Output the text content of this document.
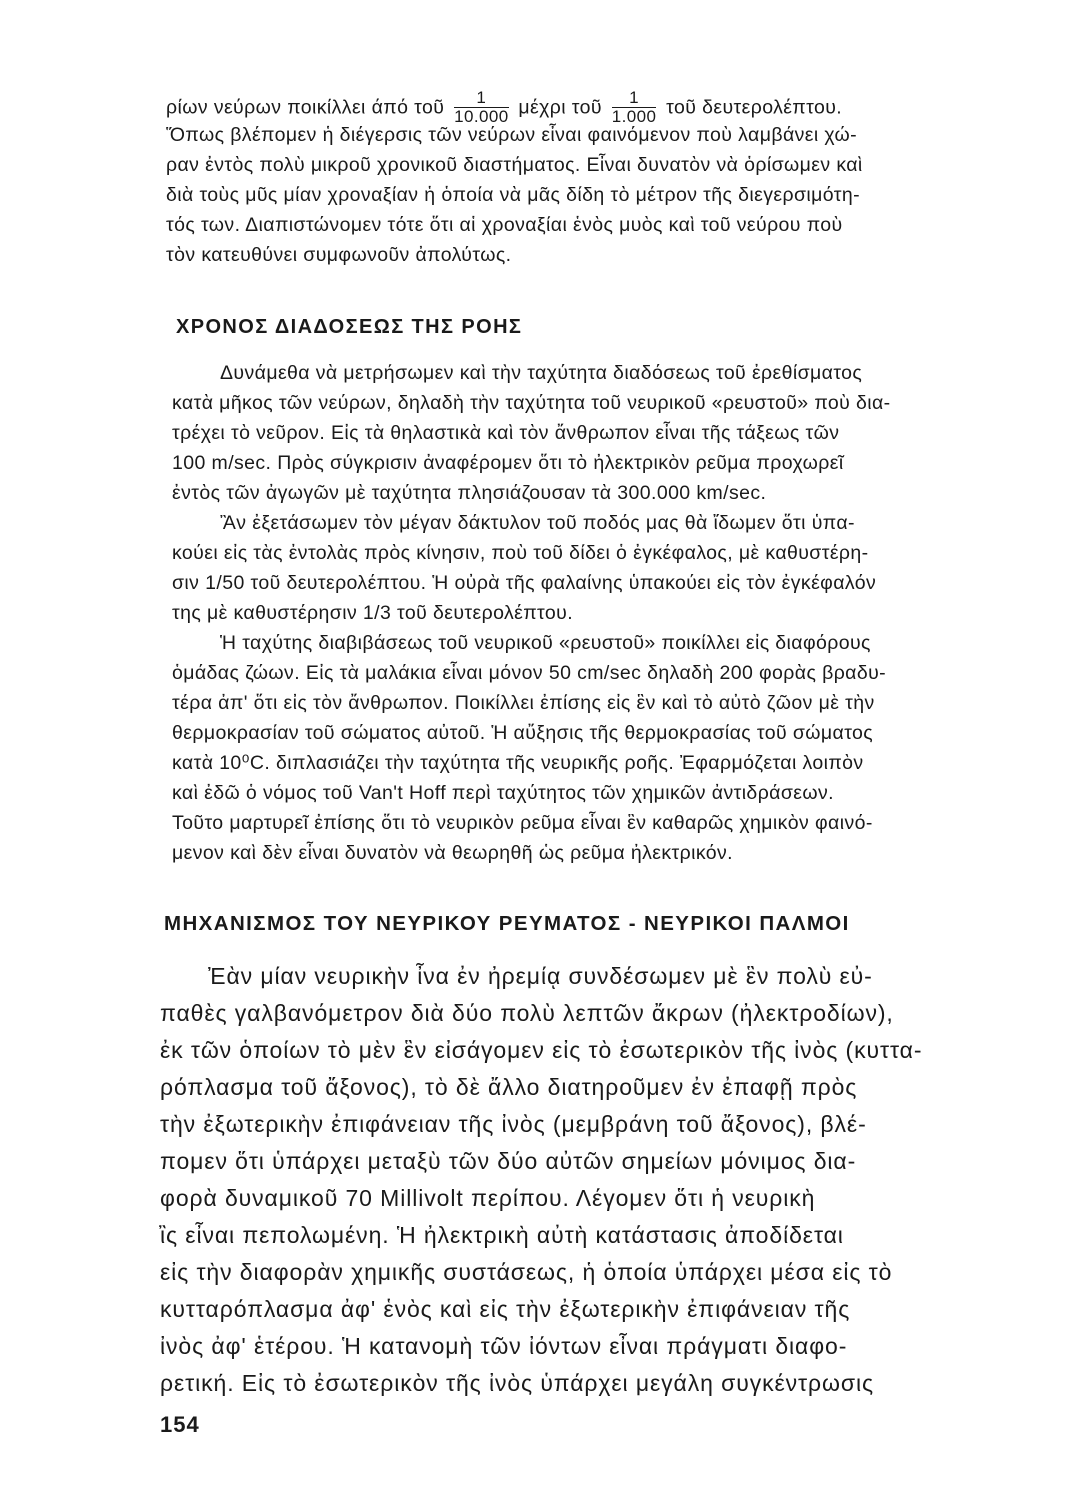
ρίων νεύρων ποικίλλει άπό τοῦ $\frac{1}{10.000}$ μέχρι τοῦ $\frac{1}{1.000}$ τοῦ δευτερολέπτου.
Ὅπως βλέπομεν ἡ διέγερσις τῶν νεύρων εἶναι φαινόμενον ποὺ λαμβάνει χώ-
ραν ἐντὸς πολὺ μικροῦ χρονικοῦ διαστήματος. Εἶναι δυνατὸν νὰ ὁρίσωμεν καὶ
διὰ τοὺς μῦς μίαν χροναξίαν ἡ ὁποία νὰ μᾶς δίδη τὸ μέτρον τῆς διεγερσιμότη-
τός των. Διαπιστώνομεν τότε ὅτι αἱ χροναξίαι ἑνὸς μυὸς καὶ τοῦ νεύρου ποὺ
τὸν κατευθύνει συμφωνοῦν ἀπολύτως.
ΧΡΟΝΟΣ ΔΙΑΔΟΣΕΩΣ ΤΗΣ ΡΟΗΣ
Δυνάμεθα νὰ μετρήσωμεν καὶ τὴν ταχύτητα διαδόσεως τοῦ ἐρεθίσματος
κατὰ μῆκος τῶν νεύρων, δηλαδὴ τὴν ταχύτητα τοῦ νευρικοῦ «ρευστοῦ» ποὺ δια-
τρέχει τὸ νεῦρον. Εἰς τὰ θηλαστικὰ καὶ τὸν ἄνθρωπον εἶναι τῆς τάξεως τῶν
100 m/sec. Πρὸς σύγκρισιν ἀναφέρομεν ὅτι τὸ ἠλεκτρικὸν ρεῦμα προχωρεῖ
ἐντὸς τῶν ἀγωγῶν μὲ ταχύτητα πλησιάζουσαν τὰ 300.000 km/sec.
Ἂν ἐξετάσωμεν τὸν μέγαν δάκτυλον τοῦ ποδός μας θὰ ἴδωμεν ὅτι ὑπα-
κούει εἰς τὰς ἐντολὰς πρὸς κίνησιν, ποὺ τοῦ δίδει ὁ ἐγκέφαλος, μὲ καθυστέρη-
σιν 1/50 τοῦ δευτερολέπτου. Ἡ οὐρὰ τῆς φαλαίνης ὑπακούει εἰς τὸν ἐγκέφαλόν
της μὲ καθυστέρησιν 1/3 τοῦ δευτερολέπτου.
Ἡ ταχύτης διαβιβάσεως τοῦ νευρικοῦ «ρευστοῦ» ποικίλλει εἰς διαφόρους
ὁμάδας ζώων. Εἰς τὰ μαλάκια εἶναι μόνον 50 cm/sec δηλαδὴ 200 φορὰς βραδυ-
τέρα ἀπ' ὅτι εἰς τὸν ἄνθρωπον. Ποικίλλει ἐπίσης εἰς ἓν καὶ τὸ αὐτὸ ζῶον μὲ τὴν
θερμοκρασίαν τοῦ σώματος αὐτοῦ. Ἡ αὔξησις τῆς θερμοκρασίας τοῦ σώματος
κατὰ 10⁰C. διπλασιάζει τὴν ταχύτητα τῆς νευρικῆς ροῆς. Ἐφαρμόζεται λοιπὸν
καὶ ἐδῶ ὁ νόμος τοῦ Van't Hoff περὶ ταχύτητος τῶν χημικῶν ἀντιδράσεων.
Τοῦτο μαρτυρεῖ ἐπίσης ὅτι τὸ νευρικὸν ρεῦμα εἶναι ἓν καθαρῶς χημικὸν φαινό-
μενον καὶ δὲν εἶναι δυνατὸν νὰ θεωρηθῆ ὡς ρεῦμα ἠλεκτρικόν.
ΜΗΧΑΝΙΣΜΟΣ ΤΟΥ ΝΕΥΡΙΚΟΥ ΡΕΥΜΑΤΟΣ - ΝΕΥΡΙΚΟΙ ΠΑΛΜΟΙ
Ἐὰν μίαν νευρικὴν ἶνα ἐν ἠρεμίᾳ συνδέσωμεν μὲ ἓν πολὺ εὐ-
παθὲς γαλβανόμετρον διὰ δύο πολὺ λεπτῶν ἄκρων (ἠλεκτροδίων),
ἐκ τῶν ὁποίων τὸ μὲν ἓν εἰσάγομεν εἰς τὸ ἐσωτερικὸν τῆς ἰνὸς (κυττα-
ρόπλασμα τοῦ ἄξονος), τὸ δὲ ἄλλο διατηροῦμεν ἐν ἐπαφῇ πρὸς
τὴν ἐξωτερικὴν ἐπιφάνειαν τῆς ἰνὸς (μεμβράνη τοῦ ἄξονος), βλέ-
πομεν ὅτι ὑπάρχει μεταξὺ τῶν δύο αὐτῶν σημείων μόνιμος δια-
φορὰ δυναμικοῦ 70 Millivolt περίπου. Λέγομεν ὅτι ἡ νευρικὴ
ἲς εἶναι πεπολωμένη. Ἡ ἠλεκτρικὴ αὐτὴ κατάστασις ἀποδίδεται
εἰς τὴν διαφορὰν χημικῆς συστάσεως, ἡ ὁποία ὑπάρχει μέσα εἰς τὸ
κυτταρόπλασμα ἀφ' ἑνὸς καὶ εἰς τὴν ἐξωτερικὴν ἐπιφάνειαν τῆς
ἰνὸς ἀφ' ἑτέρου. Ἡ κατανομὴ τῶν ἰόντων εἶναι πράγματι διαφο-
ρετική. Εἰς τὸ ἐσωτερικὸν τῆς ἰνὸς ὑπάρχει μεγάλη συγκέντρωσις
154
